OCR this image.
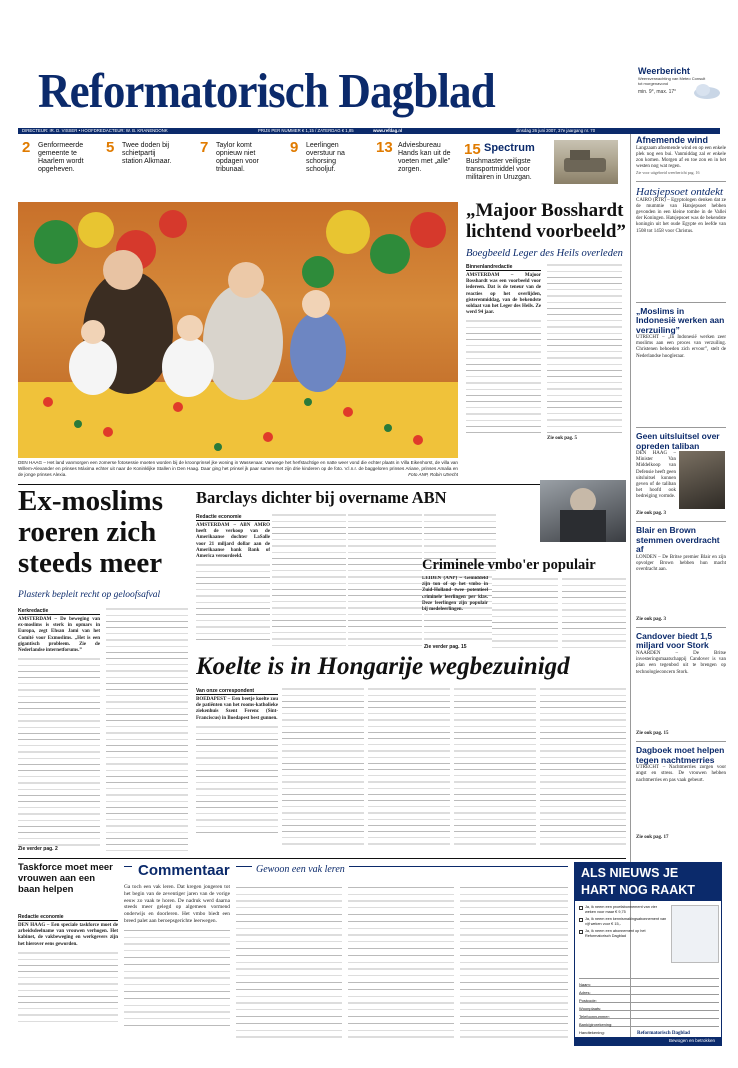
Reformatorisch Dagblad	Weerbericht
Weersverwachting van Meteo Consult
tot morgenavond
min. 9°, max. 17°
DIRECTEUR: IR. D. VISSER • HOOFDREDACTEUR: W. B. KRANENDONK	PRIJS PER NUMMER € 1,15 / ZATERDAG € 1,85	www.refdag.nl	dinsdag 26 juni 2007, 37e jaargang nr. 70
2 Genformeerde gemeente te Haarlem wordt opgeheven.
5 Twee doden bij schietpartij station Alkmaar.
7 Taylor komt opnieuw niet opdagen voor tribunaal.
9 Leerlingen overstuur na schorsing schooljuf.
13 Adviesbureau Hands kan uit de voeten met „alle” zorgen.
15 Spectrum
Bushmaster veiligste transportmiddel voor militairen in Uruzgan.
Afnemende wind
Langzaam afnemende wind en op een enkele plek nog een bui. Vanmiddag zal er enkele zon komen. Morgen af en toe zon en in het westen nog wat regen.
Zie voor uitgebreid weerbericht pag. 16
Hatsjepsoet ontdekt
CAIRO (RTR) – Egyptologen denken dat ze de mummie van Hatsjepsoet hebben gevonden in een kleine tombe in de Vallei der Koningen. Hatsjepsoet was de bekendste koningin uit het oude Egypte en leefde van 1508 tot 1458 voor Christus.
„Moslims in Indonesië werken aan verzuiling”
UTRECHT – „In Indonesië werken zeer moslims aan een proces van verzuiling. Christenen behoeden zich ervoor”, stelt de Nederlandse hoogleraar.
Geen uitsluitsel over opreden taliban
DEN HAAG – Minister Van Middelkoop van Defensie heeft geen uitsluitsel kunnen geven of de taliban het hoofd ook bedreiging vormde.
Zie ook pag. 3
Blair en Brown stemmen overdracht af
LONDEN – De Britse premier Blair en zijn opvolger Brown hebben hun macht overdracht aan.
Zie ook pag. 3
Candover biedt 1,5 miljard voor Stork
NAARDEN – De Britse investeringsmaatschappij Candover is van plan een tegenbod uit te brengen op technologieconcern Stork.
Zie ook pag. 15
Dagboek moet helpen tegen nachtmerries
UTRECHT – Nachtmerries zorgen voor angst en stress. De vrouwen hebben nachtmerries en pas vaak gebeurt.
Zie ook pag. 17
DEN HAAG – Het land vanmorgen een zomerse fotosessie moeten worden bij de kroonprinsel jke woning in Wassenaar. Vanwege het herfstachtige en natte weer vond die echter plaats in Villa Eikenhorst, de villa van Willem-Alexander en prinses Máxima echter uit naar de Koninklijke Stallen in Den Haag. Daar ging het prinsel jk paar samen met zijn drie kinderen op de foto. V.l.n.r. de baggeloren prinses Ariane, prinses Amalia en de jonge prinses Alexia.	Foto ANP, Robin Utrecht
„Majoor Bosshardt lichtend voorbeeld”
Boegbeeld Leger des Heils overleden
Binnenlandredactie
AMSTERDAM – Majoor Bosshardt was een voorbeeld voor iedereen. Dat is de teneur van de reacties op het overlijden, gisterenmiddag, van de bekendste soldaat van het Leger des Heils. Ze werd 94 jaar.
Zie ook pag. 5
Ex-moslims roeren zich steeds meer
Plasterk bepleit recht op geloofsafval
Kerkredactie
AMSTERDAM – De beweging van ex-moslims is sterk in opmars in Europa, zegt Ehsan Jami van het Comité voor Exmoslims. „Het is een gigantisch probleem. Zie de Nederlandse internetforums.”
Zie verder pag. 2
Barclays dichter bij overname ABN
Redactie economie
AMSTERDAM – ABN AMRO heeft de verkoop van de Amerikaanse dochter LaSalle voor 21 miljard dollar aan de Amerikaanse bank Bank of America veroordeeld.
Zie verder pag. 15
Criminele vmbo'er populair
LEIDEN (ANP) – Gemiddeld zijn ton of op het vmbo in Zuid-Holland twee potentieel criminele leerlingen per klas. Deze leerlingen zijn populair bij medeleerlingen.
Koelte is in Hongarije wegbezuinigd
Van onze correspondent
BOEDAPEST – Een beetje koelte zou de patiënten van het rooms-katholieke ziekenhuis Szent Ferenc (Sint-Franciscus) in Boedapest best gunnen.
Taskforce moet meer vrouwen aan een baan helpen
Redactie economie
DEN HAAG – Een speciale taskforce moet de arbeidsdeelname van vrouwen verhogen. Het kabinet, de vakbeweging en werkgevers zijn het hierover eens geworden.
Commentaar	Gewoon een vak leren
Ga toch een vak leren. Dat kregen jongeren tot het begin van de zeventiger jaren van de vorige eeuw zo vaak te horen. De nadruk werd daarna steeds meer gelegd op algemeen vormend onderwijs en doorleren. Het vmbo biedt een breed palet aan beroepsgerichte leerwegen.
ALS NIEUWS JE HART NOG RAAKT
Ja, ik neem een proefabonnement van vier weken voor maar € 9,75
Ja, ik neem een kennismakingsabonnement van vijf weken voor € 15,-
Ja, ik neem een abonnement op het Reformatorisch Dagblad
Naam:
Adres:
Postcode:
Woonplaats:
Telefoonnummer:
Bank/girorekening:
Handtekening:	Reformatorisch Dagblad
Bewogen en betrokken
